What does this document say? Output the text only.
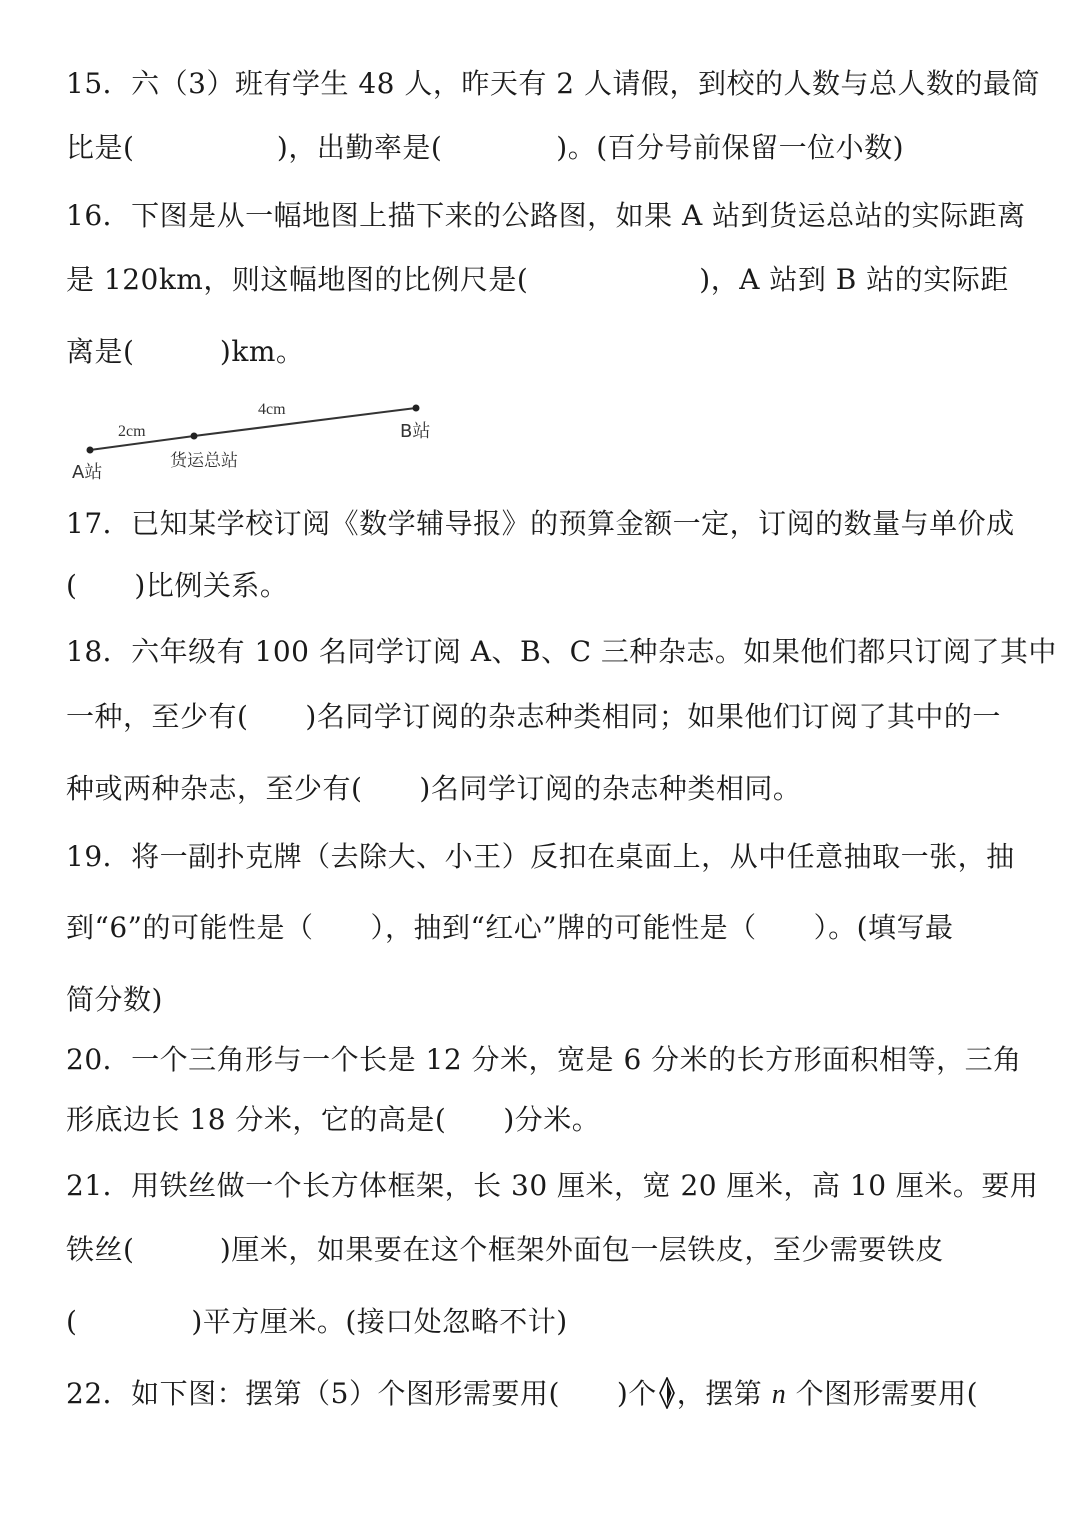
15．六（3）班有学生 48 人，昨天有 2 人请假，到校的人数与总人数的最简
比是(　　　　　)，出勤率是(　　　　)。(百分号前保留一位小数)
16．下图是从一幅地图上描下来的公路图，如果 A 站到货运总站的实际距离
是 120km，则这幅地图的比例尺是(　　　　　　)，A 站到 B 站的实际距
离是(　　　)km。
2cm
4cm
B站
货运总站
A站
17．已知某学校订阅《数学辅导报》的预算金额一定，订阅的数量与单价成
(　　)比例关系。
18．六年级有 100 名同学订阅 A、B、C 三种杂志。如果他们都只订阅了其中
一种，至少有(　　)名同学订阅的杂志种类相同；如果他们订阅了其中的一
种或两种杂志，至少有(　　)名同学订阅的杂志种类相同。
19．将一副扑克牌（去除大、小王）反扣在桌面上，从中任意抽取一张，抽
到“6”的可能性是（　　），抽到“红心”牌的可能性是（　　）。(填写最
简分数)
20．一个三角形与一个长是 12 分米，宽是 6 分米的长方形面积相等，三角
形底边长 18 分米，它的高是(　　)分米。
21．用铁丝做一个长方体框架，长 30 厘米，宽 20 厘米，高 10 厘米。要用
铁丝(　　　)厘米，如果要在这个框架外面包一层铁皮，至少需要铁皮
(　　　　)平方厘米。(接口处忽略不计)
22．如下图：摆第（5）个图形需要用(　　)个 ，摆第 n 个图形需要用(
